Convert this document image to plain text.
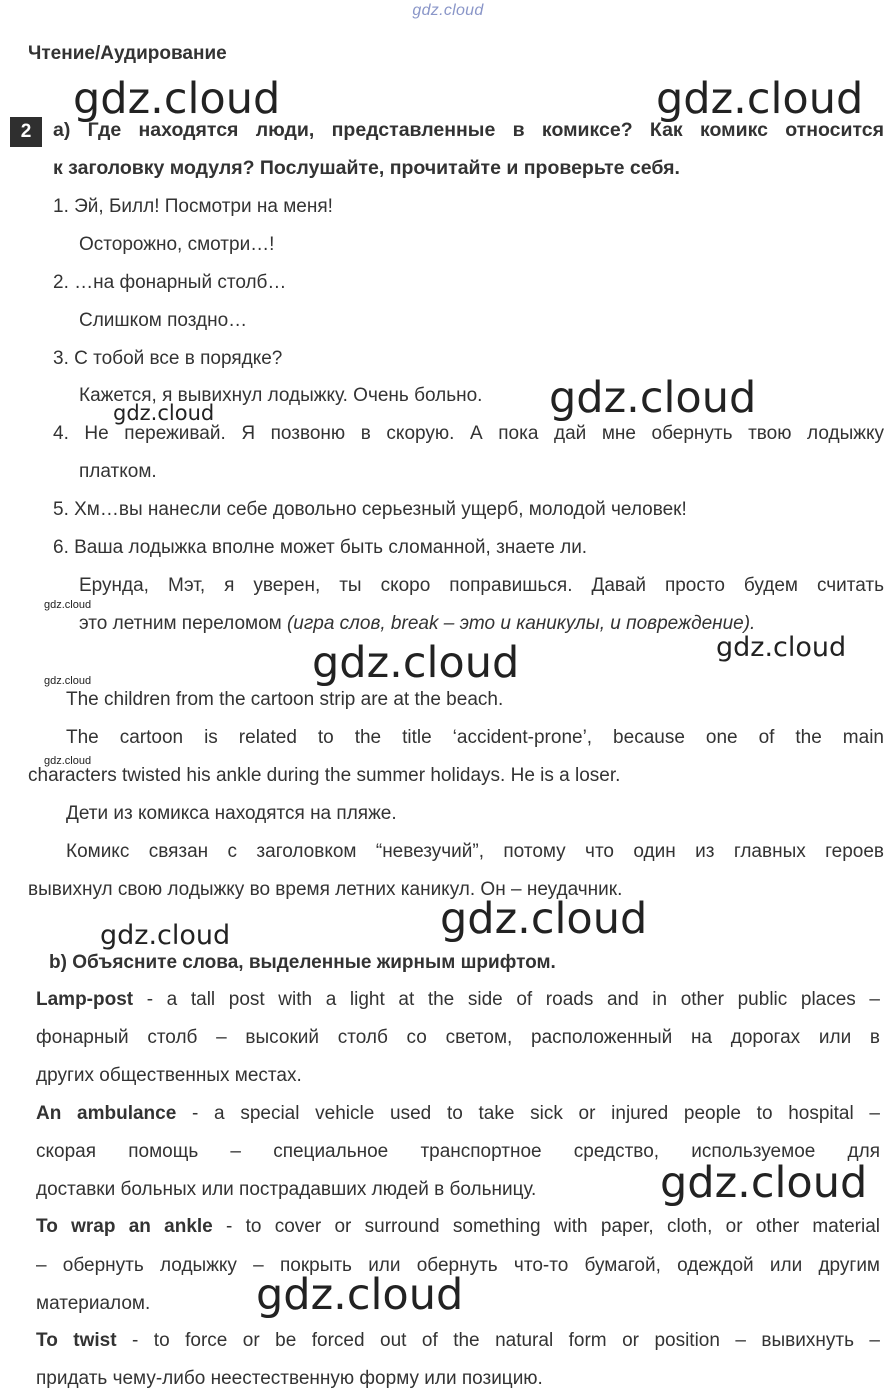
gdz.cloud
Чтение/Аудирование
2	a) Где находятся люди, представленные в комиксе? Как комикс относится
к заголовку модуля? Послушайте, прочитайте и проверьте себя.
1. Эй, Билл! Посмотри на меня!
Осторожно, смотри…!
2. …на фонарный столб…
Слишком поздно…
3. С тобой все в порядке?
Кажется, я вывихнул лодыжку. Очень больно.
4. Не переживай. Я позвоню в скорую. А пока дай мне обернуть твою лодыжку
платком.
5. Хм…вы нанесли себе довольно серьезный ущерб, молодой человек!
6. Ваша лодыжка вполне может быть сломанной, знаете ли.
Ерунда, Мэт, я уверен, ты скоро поправишься. Давай просто будем считать
это летним переломом (игра слов, break – это и каникулы, и повреждение).
The children from the cartoon strip are at the beach.
The cartoon is related to the title ‘accident-prone’, because one of the main
characters twisted his ankle during the summer holidays. He is a loser.
Дети из комикса находятся на пляже.
Комикс связан с заголовком “невезучий”, потому что один из главных героев
вывихнул свою лодыжку во время летних каникул. Он – неудачник.
b) Объясните слова, выделенные жирным шрифтом.
Lamp-post - a tall post with a light at the side of roads and in other public places –
фонарный столб – высокий столб со светом, расположенный на дорогах или в
других общественных местах.
An ambulance - a special vehicle used to take sick or injured people to hospital –
скорая помощь – специальное транспортное средство, используемое для
доставки больных или пострадавших людей в больницу.
To wrap an ankle - to cover or surround something with paper, cloth, or other material
– обернуть лодыжку – покрыть или обернуть что-то бумагой, одеждой или другим
материалом.
To twist - to force or be forced out of the natural form or position – вывихнуть –
придать чему-либо неестественную форму или позицию.
gdz.cloud	gdz.cloud
gdz.cloud
gdz.cloud
gdz.cloud
gdz.cloud	gdz.cloud
gdz.cloud
gdz.cloud
gdz.cloud
gdz.cloud
gdz.cloud
gdz.cloud
